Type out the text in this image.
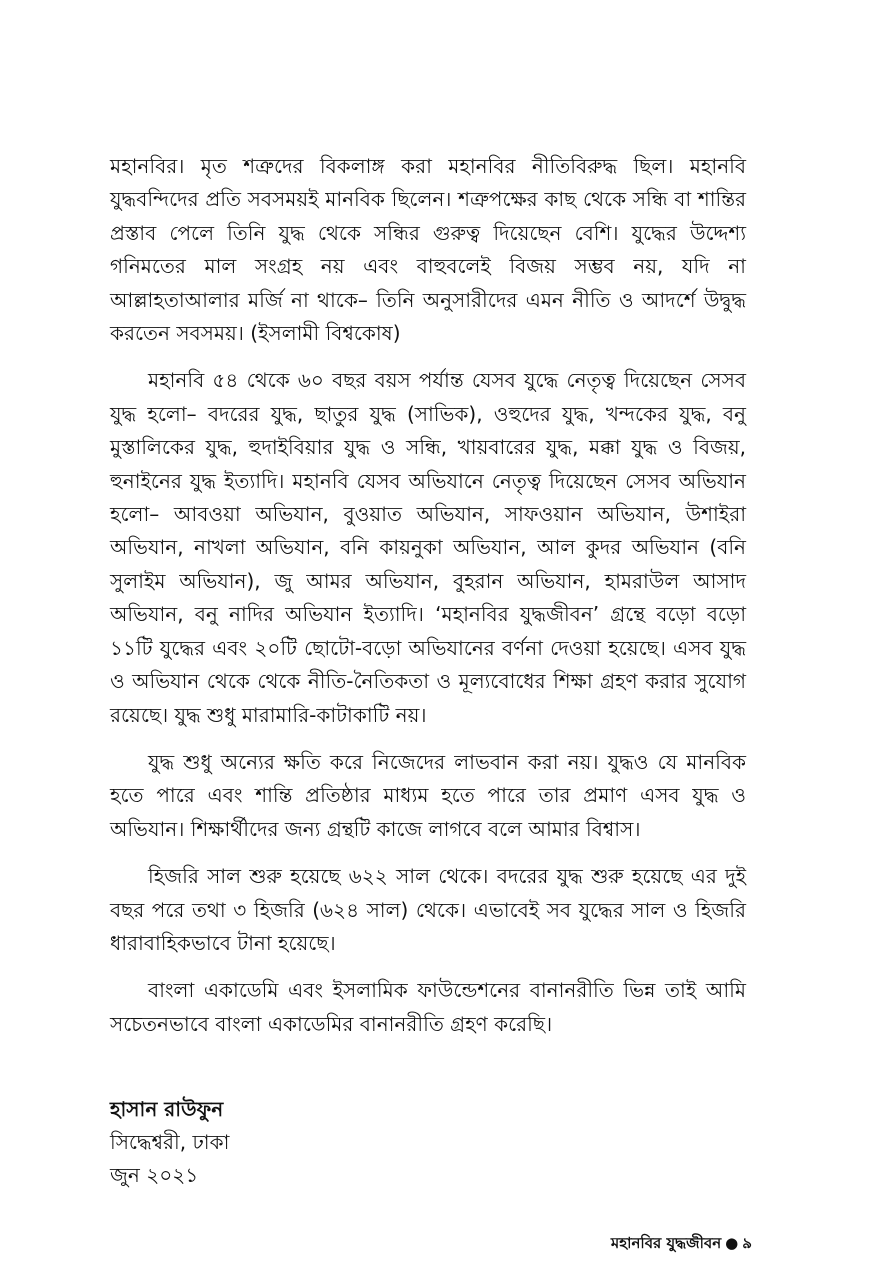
মহানবির। মৃত শত্রুদের বিকলাঙ্গ করা মহানবির নীতিবিরুদ্ধ ছিল। মহানবি যুদ্ধবন্দিদের প্রতি সবসময়ই মানবিক ছিলেন। শত্রুপক্ষের কাছ থেকে সন্ধি বা শান্তির প্রস্তাব পেলে তিনি যুদ্ধ থেকে সন্ধির গুরুত্ব দিয়েছেন বেশি। যুদ্ধের উদ্দেশ্য গনিমতের মাল সংগ্রহ নয় এবং বাহুবলেই বিজয় সম্ভব নয়, যদি না আল্লাহতাআলার মর্জি না থাকে– তিনি অনুসারীদের এমন নীতি ও আদর্শে উদ্বুদ্ধ করতেন সবসময়। (ইসলামী বিশ্বকোষ)

মহানবি ৫৪ থেকে ৬০ বছর বয়স পর্যান্ত যেসব যুদ্ধে নেতৃত্ব দিয়েছেন সেসব যুদ্ধ হলো– বদরের যুদ্ধ, ছাতুর যুদ্ধ (সাভিক), ওহুদের যুদ্ধ, খন্দকের যুদ্ধ, বনু মুস্তালিকের যুদ্ধ, হুদাইবিয়ার যুদ্ধ ও সন্ধি, খায়বারের যুদ্ধ, মক্কা যুদ্ধ ও বিজয়, হুনাইনের যুদ্ধ ইত্যাদি। মহানবি যেসব অভিযানে নেতৃত্ব দিয়েছেন সেসব অভিযান হলো– আবওয়া অভিযান, বুওয়াত অভিযান, সাফওয়ান অভিযান, উশাইরা অভিযান, নাখলা অভিযান, বনি কায়নুকা অভিযান, আল কুদর অভিযান (বনি সুলাইম অভিযান), জু আমর অভিযান, বুহরান অভিযান, হামরাউল আসাদ অভিযান, বনু নাদির অভিযান ইত্যাদি। ‘মহানবির যুদ্ধজীবন’ গ্রন্থে বড়ো বড়ো ১১টি যুদ্ধের এবং ২০টি ছোটো-বড়ো অভিযানের বর্ণনা দেওয়া হয়েছে। এসব যুদ্ধ ও অভিযান থেকে থেকে নীতি-নৈতিকতা ও মূল্যবোধের শিক্ষা গ্রহণ করার সুযোগ রয়েছে। যুদ্ধ শুধু মারামারি-কাটাকাটি নয়।

যুদ্ধ শুধু অন্যের ক্ষতি করে নিজেদের লাভবান করা নয়। যুদ্ধও যে মানবিক হতে পারে এবং শান্তি প্রতিষ্ঠার মাধ্যম হতে পারে তার প্রমাণ এসব যুদ্ধ ও অভিযান। শিক্ষার্থীদের জন্য গ্রন্থটি কাজে লাগবে বলে আমার বিশ্বাস।

হিজরি সাল শুরু হয়েছে ৬২২ সাল থেকে। বদরের যুদ্ধ শুরু হয়েছে এর দুই বছর পরে তথা ৩ হিজরি (৬২৪ সাল) থেকে। এভাবেই সব যুদ্ধের সাল ও হিজরি ধারাবাহিকভাবে টানা হয়েছে।

বাংলা একাডেমি এবং ইসলামিক ফাউন্ডেশনের বানানরীতি ভিন্ন তাই আমি সচেতনভাবে বাংলা একাডেমির বানানরীতি গ্রহণ করেছি।

হাসান রাউফুন
সিদ্ধেশ্বরী, ঢাকা
জুন ২০২১
মহানবির যুদ্ধজীবন ● ৯
